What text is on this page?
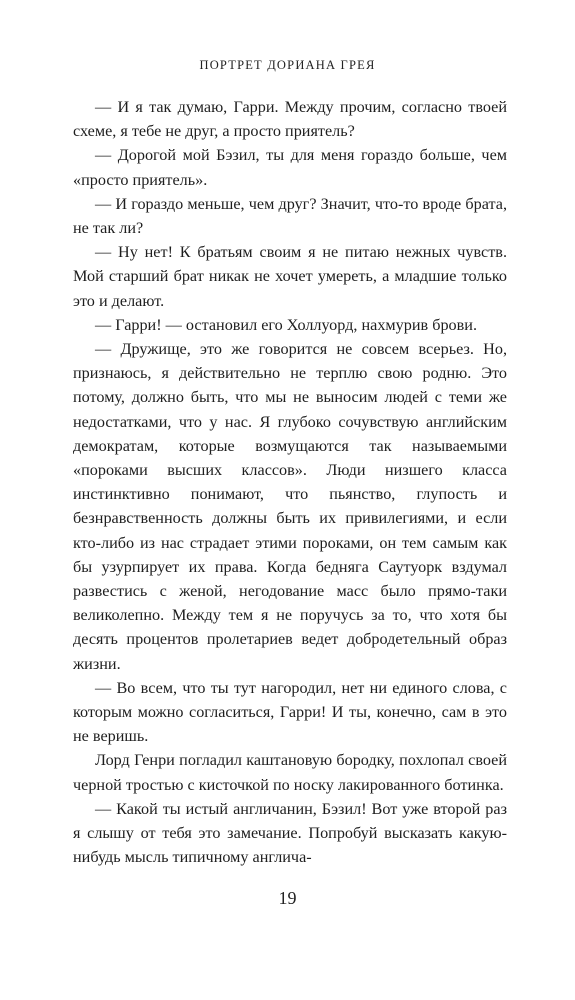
ПОРТРЕТ ДОРИАНА ГРЕЯ

— И я так думаю, Гарри. Между прочим, согласно твоей схеме, я тебе не друг, а просто приятель?

— Дорогой мой Бэзил, ты для меня гораздо больше, чем «просто приятель».

— И гораздо меньше, чем друг? Значит, что-то вроде брата, не так ли?

— Ну нет! К братьям своим я не питаю нежных чувств. Мой старший брат никак не хочет умереть, а младшие только это и делают.

— Гарри! — остановил его Холлуорд, нахмурив брови.

— Дружище, это же говорится не совсем всерьез. Но, признаюсь, я действительно не терплю свою родню. Это потому, должно быть, что мы не выносим людей с теми же недостатками, что у нас. Я глубоко сочувствую английским демократам, которые возмущаются так называемыми «пороками высших классов». Люди низшего класса инстинктивно понимают, что пьянство, глупость и безнравственность должны быть их привилегиями, и если кто-либо из нас страдает этими пороками, он тем самым как бы узурпирует их права. Когда бедняга Саутуорк вздумал развестись с женой, негодование масс было прямо-таки великолепно. Между тем я не поручусь за то, что хотя бы десять процентов пролетариев ведет добродетельный образ жизни.

— Во всем, что ты тут нагородил, нет ни единого слова, с которым можно согласиться, Гарри! И ты, конечно, сам в это не веришь.

Лорд Генри погладил каштановую бородку, похлопал своей черной тростью с кисточкой по носку лакированного ботинка.

— Какой ты истый англичанин, Бэзил! Вот уже второй раз я слышу от тебя это замечание. Попробуй высказать какую-нибудь мысль типичному англича-

19
